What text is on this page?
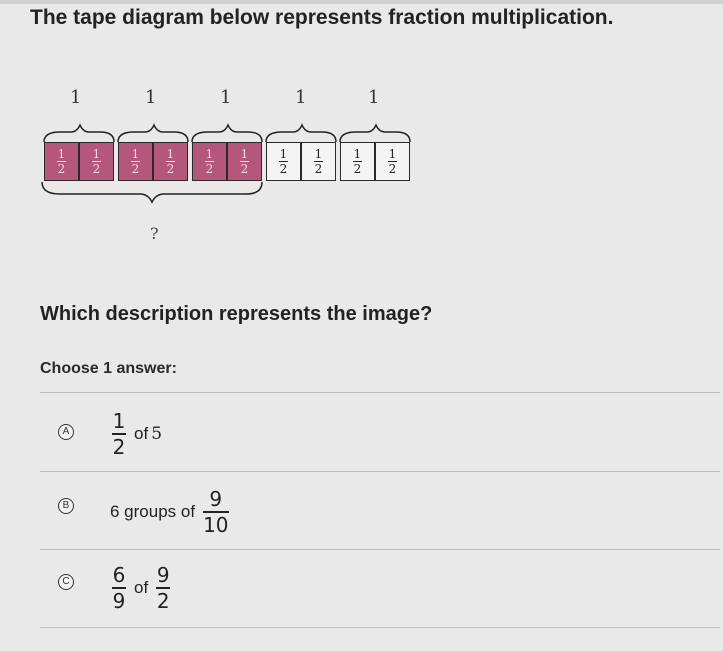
The tape diagram below represents fraction multiplication.
1	1	1	1	1
1
2
1
2
1
2
1
2
1
2
1
2
1
2
1
2
1
2
1
2
?
Which description represents the image?
Choose 1 answer:
A $\frac{1}{2}$ of 5
B 6 groups of $\frac{9}{10}$
C $\frac{6}{9}$ of $\frac{9}{2}$
